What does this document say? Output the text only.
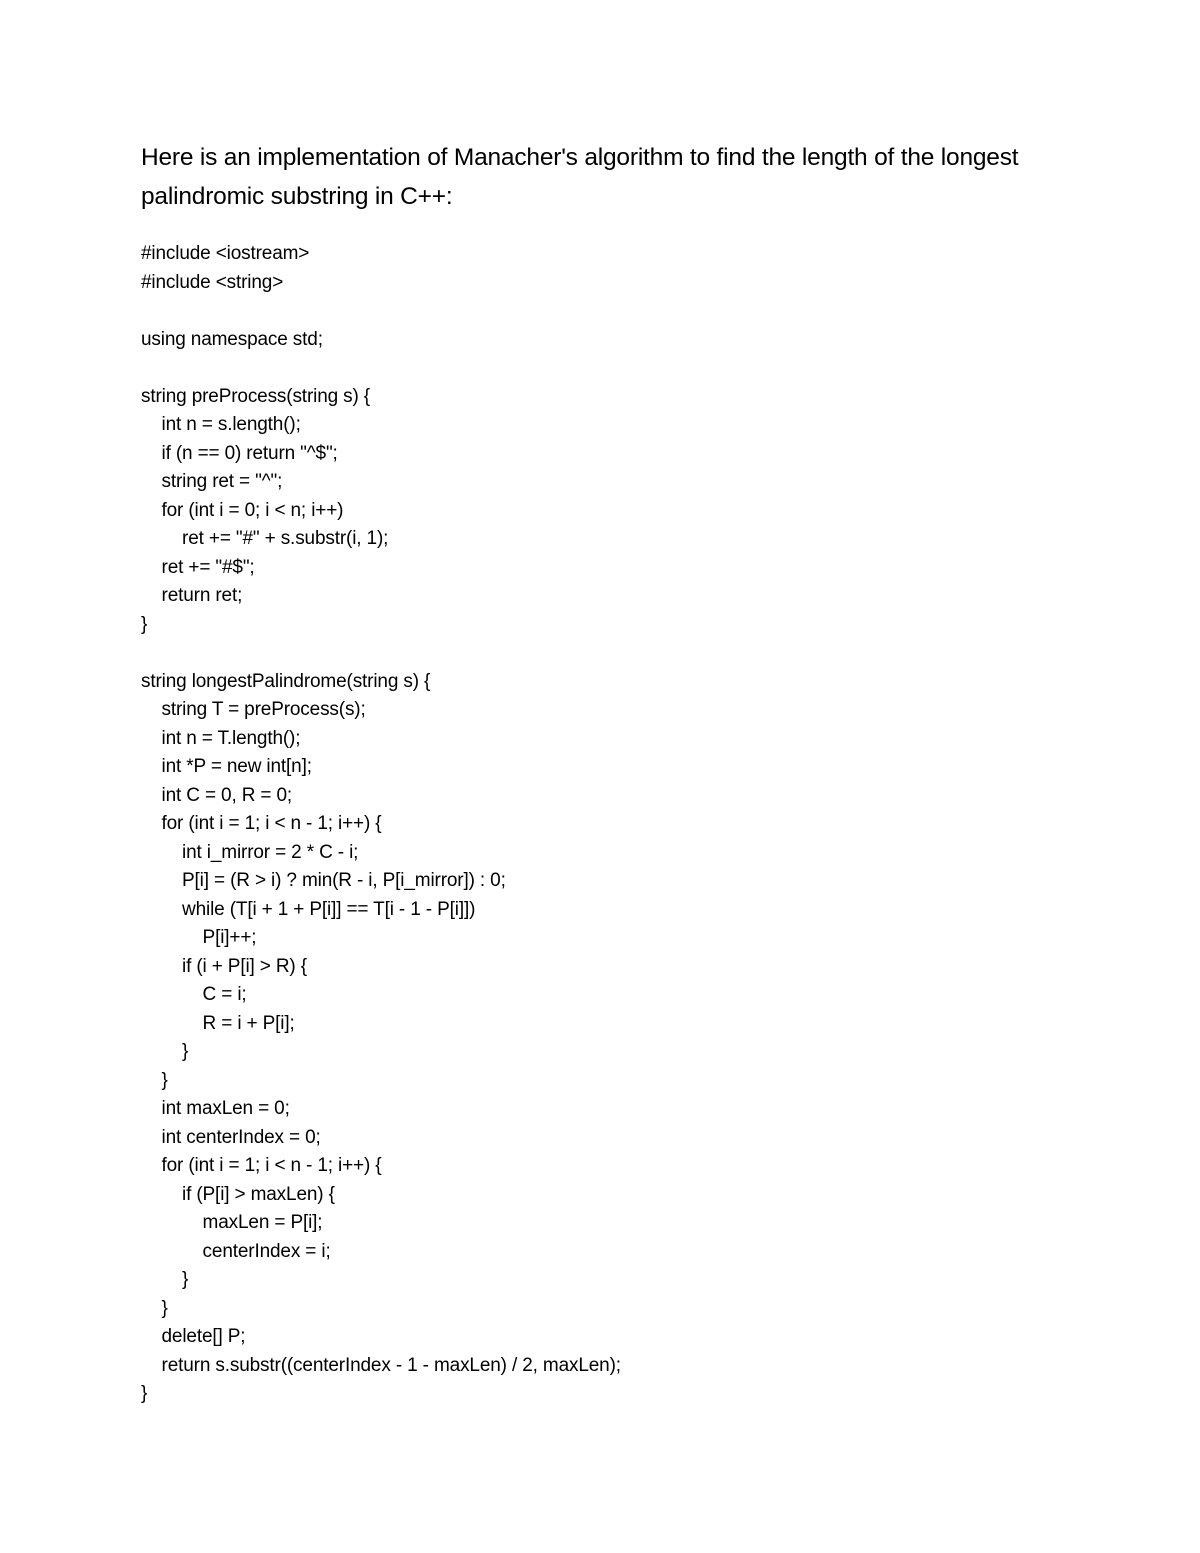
Here is an implementation of Manacher's algorithm to find the length of the longest palindromic substring in C++:
#include <iostream>
#include <string>
using namespace std;
string preProcess(string s) {
int n = s.length();
if (n == 0) return "^$";
string ret = "^";
for (int i = 0; i < n; i++)
ret += "#" + s.substr(i, 1);
ret += "#$";
return ret;
}
string longestPalindrome(string s) {
string T = preProcess(s);
int n = T.length();
int *P = new int[n];
int C = 0, R = 0;
for (int i = 1; i < n - 1; i++) {
int i_mirror = 2 * C - i;
P[i] = (R > i) ? min(R - i, P[i_mirror]) : 0;
while (T[i + 1 + P[i]] == T[i - 1 - P[i]])
P[i]++;
if (i + P[i] > R) {
C = i;
R = i + P[i];
}
}
int maxLen = 0;
int centerIndex = 0;
for (int i = 1; i < n - 1; i++) {
if (P[i] > maxLen) {
maxLen = P[i];
centerIndex = i;
}
}
delete[] P;
return s.substr((centerIndex - 1 - maxLen) / 2, maxLen);
}
